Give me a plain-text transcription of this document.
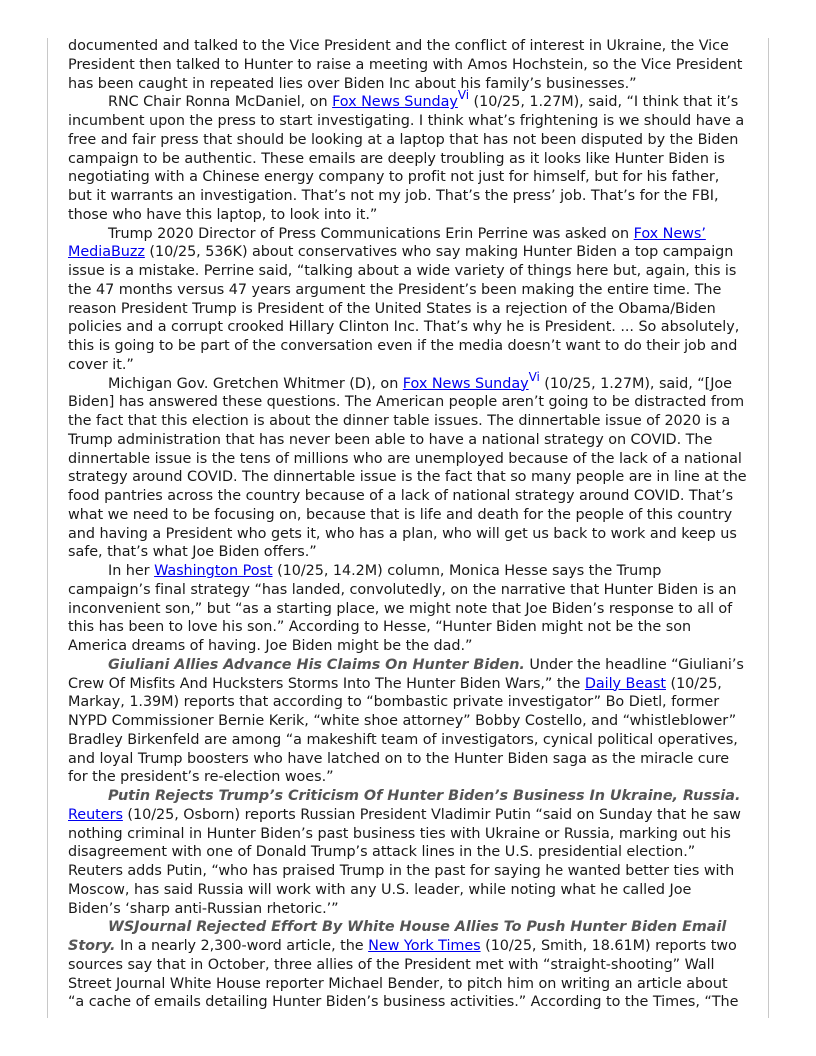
documented and talked to the Vice President and the conflict of interest in Ukraine, the Vice President then talked to Hunter to raise a meeting with Amos Hochstein, so the Vice President has been caught in repeated lies over Biden Inc about his family’s businesses.”

RNC Chair Ronna McDaniel, on Fox News Sunday$^{Vi}$ (10/25, 1.27M), said, “I think that it’s incumbent upon the press to start investigating. I think what’s frightening is we should have a free and fair press that should be looking at a laptop that has not been disputed by the Biden campaign to be authentic. These emails are deeply troubling as it looks like Hunter Biden is negotiating with a Chinese energy company to profit not just for himself, but for his father, but it warrants an investigation. That’s not my job. That’s the press’ job. That’s for the FBI, those who have this laptop, to look into it.”

Trump 2020 Director of Press Communications Erin Perrine was asked on Fox News’ MediaBuzz (10/25, 536K) about conservatives who say making Hunter Biden a top campaign issue is a mistake. Perrine said, “talking about a wide variety of things here but, again, this is the 47 months versus 47 years argument the President’s been making the entire time. The reason President Trump is President of the United States is a rejection of the Obama/Biden policies and a corrupt crooked Hillary Clinton Inc. That’s why he is President. ... So absolutely, this is going to be part of the conversation even if the media doesn’t want to do their job and cover it.”

Michigan Gov. Gretchen Whitmer (D), on Fox News Sunday$^{Vi}$ (10/25, 1.27M), said, “[Joe Biden] has answered these questions. The American people aren’t going to be distracted from the fact that this election is about the dinner table issues. The dinnertable issue of 2020 is a Trump administration that has never been able to have a national strategy on COVID. The dinnertable issue is the tens of millions who are unemployed because of the lack of a national strategy around COVID. The dinnertable issue is the fact that so many people are in line at the food pantries across the country because of a lack of national strategy around COVID. That’s what we need to be focusing on, because that is life and death for the people of this country and having a President who gets it, who has a plan, who will get us back to work and keep us safe, that’s what Joe Biden offers.”

In her Washington Post (10/25, 14.2M) column, Monica Hesse says the Trump campaign’s final strategy “has landed, convolutedly, on the narrative that Hunter Biden is an inconvenient son,” but “as a starting place, we might note that Joe Biden’s response to all of this has been to love his son.” According to Hesse, “Hunter Biden might not be the son America dreams of having. Joe Biden might be the dad.”

Giuliani Allies Advance His Claims On Hunter Biden. Under the headline “Giuliani’s Crew Of Misfits And Hucksters Storms Into The Hunter Biden Wars,” the Daily Beast (10/25, Markay, 1.39M) reports that according to “bombastic private investigator” Bo Dietl, former NYPD Commissioner Bernie Kerik, “white shoe attorney” Bobby Costello, and “whistleblower” Bradley Birkenfeld are among “a makeshift team of investigators, cynical political operatives, and loyal Trump boosters who have latched on to the Hunter Biden saga as the miracle cure for the president’s re-election woes.”

Putin Rejects Trump’s Criticism Of Hunter Biden’s Business In Ukraine, Russia. Reuters (10/25, Osborn) reports Russian President Vladimir Putin “said on Sunday that he saw nothing criminal in Hunter Biden’s past business ties with Ukraine or Russia, marking out his disagreement with one of Donald Trump’s attack lines in the U.S. presidential election.” Reuters adds Putin, “who has praised Trump in the past for saying he wanted better ties with Moscow, has said Russia will work with any U.S. leader, while noting what he called Joe Biden’s ‘sharp anti-Russian rhetoric.’”

WSJournal Rejected Effort By White House Allies To Push Hunter Biden Email Story. In a nearly 2,300-word article, the New York Times (10/25, Smith, 18.61M) reports two sources say that in October, three allies of the President met with “straight-shooting” Wall Street Journal White House reporter Michael Bender, to pitch him on writing an article about “a cache of emails detailing Hunter Biden’s business activities.” According to the Times, “The
